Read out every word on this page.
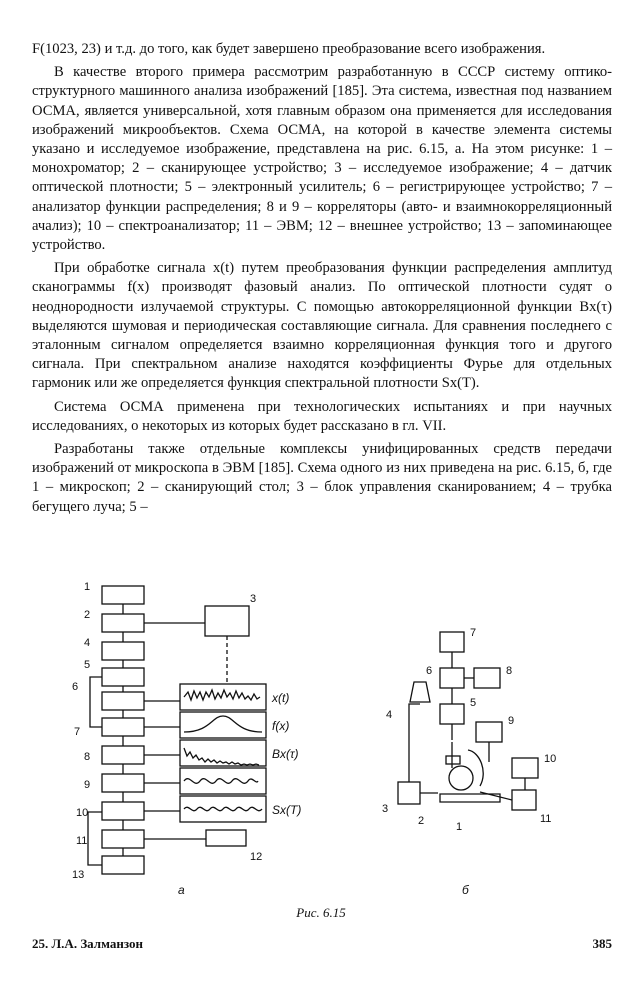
F(1023, 23) и т.д. до того, как будет завершено преобразование всего изображения.

В качестве второго примера рассмотрим разработанную в СССР систему оптико-структурного машинного анализа изображений [185]. Эта система, известная под названием ОСМА, является универсальной, хотя главным образом она применяется для исследования изображений микрообъектов. Схема ОСМА, на которой в качестве элемента системы указано и исследуемое изображение, представлена на рис. 6.15, а. На этом рисунке: 1 – монохроматор; 2 – сканирующее устройство; 3 – исследуемое изображение; 4 – датчик оптической плотности; 5 – электронный усилитель; 6 – регистрирующее устройство; 7 – анализатор функции распределения; 8 и 9 – корреляторы (авто- и взаимнокорреляционный ачализ); 10 – спектроанализатор; 11 – ЭВМ; 12 – внешнее устройство; 13 – запоминающее устройство.

При обработке сигнала x(t) путем преобразования функции распределения амплитуд сканограммы f(x) производят фазовый анализ. По оптической плотности судят о неоднородности излучаемой структуры. С помощью автокорреляционной функции Bx(τ) выделяются шумовая и периодическая составляющие сигнала. Для сравнения последнего с эталонным сигналом определяется взаимно корреляционная функция того и другого сигнала. При спектральном анализе находятся коэффициенты Фурье для отдельных гармоник или же определяется функция спектральной плотности Sx(T).

Система ОСМА применена при технологических испытаниях и при научных исследованиях, о некоторых из которых будет рассказано в гл. VII.

Разработаны также отдельные комплексы унифицированных средств передачи изображений от микроскопа в ЭВМ [185]. Схема одного из них приведена на рис. 6.15, б, где 1 – микроскоп; 2 – сканирующий стол; 3 – блок управления сканированием; 4 – трубка бегущего луча; 5 –

1
2
3
4
5
6
7
8
9
10
11
12
13
а
x(t)
f(x)
Bx(τ)
Sx(T)
1
2
3
4
5
6
7
8
9
10
11
б
Рис. 6.15
25. Л.А. Залманзон	385
